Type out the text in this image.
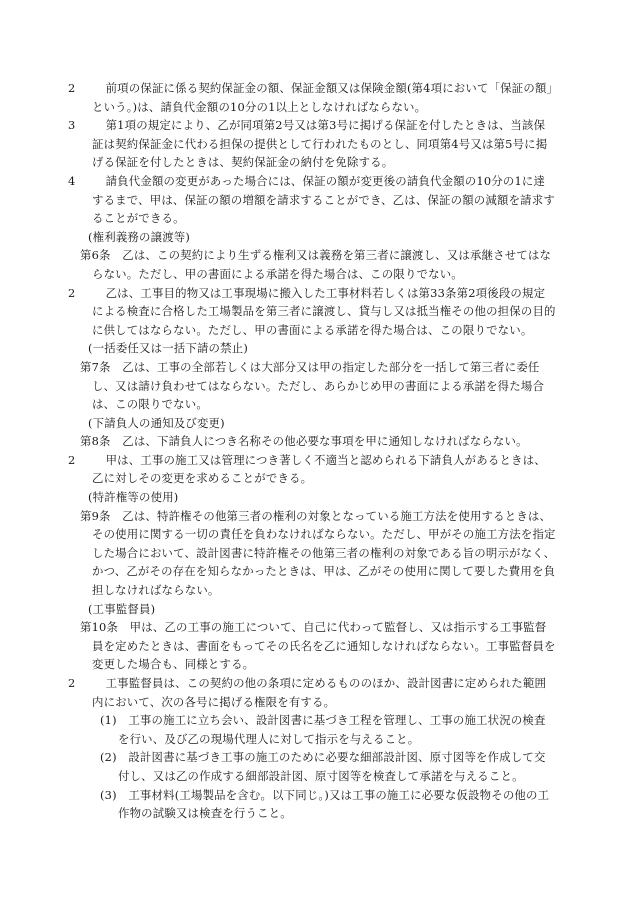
2　前項の保証に係る契約保証金の額、保証金額又は保険金額(第4項において「保証の額」という。)は、請負代金額の10分の1以上としなければならない。

3　第1項の規定により、乙が同項第2号又は第3号に掲げる保証を付したときは、当該保証は契約保証金に代わる担保の提供として行われたものとし、同項第4号又は第5号に掲げる保証を付したときは、契約保証金の納付を免除する。

4　請負代金額の変更があった場合には、保証の額が変更後の請負代金額の10分の1に達するまで、甲は、保証の額の増額を請求することができ、乙は、保証の額の減額を請求することができる。

(権利義務の譲渡等)

第6条　乙は、この契約により生ずる権利又は義務を第三者に譲渡し、又は承継させてはならない。ただし、甲の書面による承諾を得た場合は、この限りでない。

2　乙は、工事目的物又は工事現場に搬入した工事材料若しくは第33条第2項後段の規定による検査に合格した工場製品を第三者に譲渡し、貸与し又は抵当権その他の担保の目的に供してはならない。ただし、甲の書面による承諾を得た場合は、この限りでない。

(一括委任又は一括下請の禁止)

第7条　乙は、工事の全部若しくは大部分又は甲の指定した部分を一括して第三者に委任し、又は請け負わせてはならない。ただし、あらかじめ甲の書面による承諾を得た場合は、この限りでない。

(下請負人の通知及び変更)

第8条　乙は、下請負人につき名称その他必要な事項を甲に通知しなければならない。

2　甲は、工事の施工又は管理につき著しく不適当と認められる下請負人があるときは、乙に対しその変更を求めることができる。

(特許権等の使用)

第9条　乙は、特許権その他第三者の権利の対象となっている施工方法を使用するときは、その使用に関する一切の責任を負わなければならない。ただし、甲がその施工方法を指定した場合において、設計図書に特許権その他第三者の権利の対象である旨の明示がなく、かつ、乙がその存在を知らなかったときは、甲は、乙がその使用に関して要した費用を負担しなければならない。

(工事監督員)

第10条　甲は、乙の工事の施工について、自己に代わって監督し、又は指示する工事監督員を定めたときは、書面をもってその氏名を乙に通知しなければならない。工事監督員を変更した場合も、同様とする。

2　工事監督員は、この契約の他の条項に定めるもののほか、設計図書に定められた範囲内において、次の各号に掲げる権限を有する。

(1)　工事の施工に立ち会い、設計図書に基づき工程を管理し、工事の施工状況の検査を行い、及び乙の現場代理人に対して指示を与えること。

(2)　設計図書に基づき工事の施工のために必要な細部設計図、原寸図等を作成して交付し、又は乙の作成する細部設計図、原寸図等を検査して承諾を与えること。

(3)　工事材料(工場製品を含む。以下同じ。)又は工事の施工に必要な仮設物その他の工作物の試験又は検査を行うこと。
